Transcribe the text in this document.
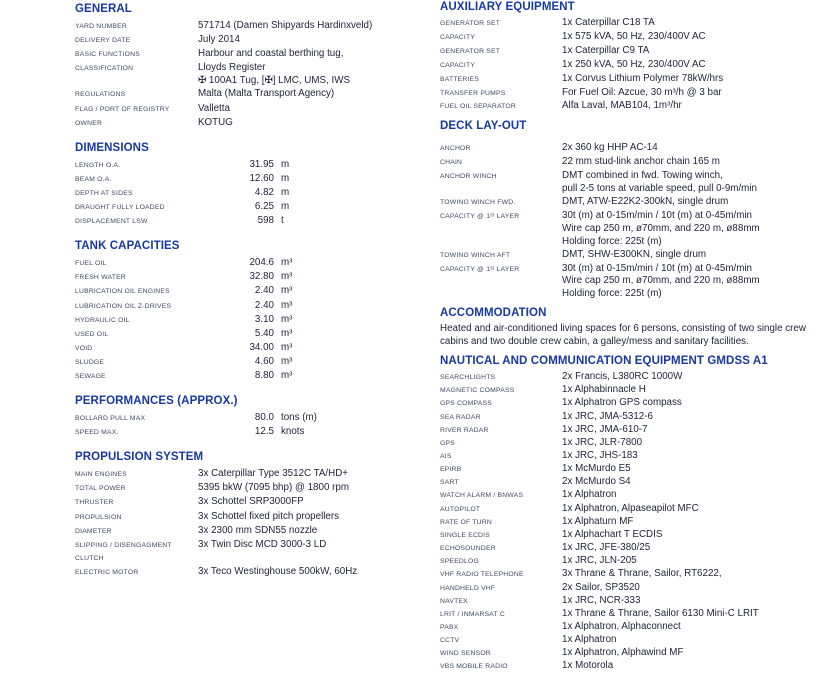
GENERAL
YARD NUMBER	571714 (Damen Shipyards Hardinxveld)
DELIVERY DATE	July 2014
BASIC FUNCTIONS	Harbour and coastal berthing tug,
CLASSIFICATION	Lloyds Register
✠ 100A1 Tug, [✠] LMC, UMS, IWS
REGULATIONS	Malta (Malta Transport Agency)
FLAG / PORT OF REGISTRY	Valletta
OWNER	KOTUG
DIMENSIONS
LENGTH O.A.	31.95 m
BEAM O.A.	12.60 m
DEPTH AT SIDES	4.82 m
DRAUGHT FULLY LOADED	6.25 m
DISPLACEMENT LSW	598 t
TANK CAPACITIES
FUEL OIL	204.6 m³
FRESH WATER	32.80 m³
LUBRICATION OIL ENGINES	2.40 m³
LUBRICATION OIL Z-DRIVES	2.40 m³
HYDRAULIC OIL	3.10 m³
USED OIL	5.40 m³
VOID	34.00 m³
SLUDGE	4.60 m³
SEWAGE	8.80 m³
PERFORMANCES (APPROX.)
BOLLARD PULL MAX	80.0 tons (m)
SPEED MAX.	12.5 knots
PROPULSION SYSTEM
MAIN ENGINES	3x Caterpillar Type 3512C TA/HD+
TOTAL POWER	5395 bkW (7095 bhp) @ 1800 rpm
THRUSTER	3x Schottel SRP3000FP
PROPULSION	3x Schottel fixed pitch propellers
DIAMETER	3x 2300 mm SDN55 nozzle
SLIPPING / DISENGAGMENT CLUTCH
3x Twin Disc MCD 3000-3 LD
ELECTRIC MOTOR	3x Teco Westinghouse 500kW, 60Hz
AUXILIARY EQUIPMENT
GENERATOR SET	1x Caterpillar C18 TA
CAPACITY	1x 575 kVA, 50 Hz, 230/400V AC
GENERATOR SET	1x Caterpillar C9 TA
CAPACITY	1x 250 kVA, 50 Hz, 230/400V AC
BATTERIES	1x Corvus Lithium Polymer 78kW/hrs
TRANSFER PUMPS	For Fuel Oil: Azcue, 30 m³/h @ 3 bar
FUEL OIL SEPARATOR	Alfa Laval, MAB104, 1m³/hr
DECK LAY-OUT
ANCHOR	2x 360 kg HHP AC-14
CHAIN	22 mm stud-link anchor chain 165 m
ANCHOR WINCH	DMT combined in fwd. Towing winch,
pull 2-5 tons at variable speed, pull 0-9m/min
TOWING WINCH FWD.	DMT, ATW-E22K2-300kN, single drum
CAPACITY @ 1ˢᵗ LAYER	30t (m) at 0-15m/min / 10t (m) at 0-45m/min
Wire cap 250 m, ø70mm, and 220 m, ø88mm
Holding force: 225t (m)
TOWING WINCH AFT	DMT, SHW-E300KN, single drum
CAPACITY @ 1ˢᵗ LAYER	30t (m) at 0-15m/min / 10t (m) at 0-45m/min
Wire cap 250 m, ø70mm, and 220 m, ø88mm
Holding force: 225t (m)
ACCOMMODATION

Heated and air-conditioned living spaces for 6 persons, consisting of two single crew cabins and two double crew cabin, a galley/mess and sanitary facilities.

NAUTICAL AND COMMUNICATION EQUIPMENT GMDSS A1
SEARCHLIGHTS	2x Francis, L380RC 1000W
MAGNETIC COMPASS	1x Alphabinnacle H
GPS COMPASS	1x Alphatron GPS compass
SEA RADAR	1x JRC, JMA-5312-6
RIVER RADAR	1x JRC, JMA-610-7
GPS	1x JRC, JLR-7800
AIS	1x JRC, JHS-183
EPIRB	1x McMurdo E5
SART	2x McMurdo S4
WATCH ALARM / BNWAS	1x Alphatron
AUTOPILOT	1x Alphatron, Alpaseapilot MFC
RATE OF TURN	1x Alphaturn MF
SINGLE ECDIS	1x Alphachart T ECDIS
ECHOSOUNDER	1x JRC, JFE-380/25
SPEEDLOG	1x JRC, JLN-205
VHF RADIO TELEPHONE	3x Thrane & Thrane, Sailor, RT6222,
HANDHELD VHF	2x Sailor, SP3520
NAVTEX	1x JRC, NCR-333
LRIT / INMARSAT C	1x Thrane & Thrane, Sailor 6130 Mini-C LRIT
PABX	1x Alphatron, Alphaconnect
CCTV	1x Alphatron
WIND SENSOR	1x Alphatron, Alphawind MF
VBS MOBILE RADIO	1x Motorola
